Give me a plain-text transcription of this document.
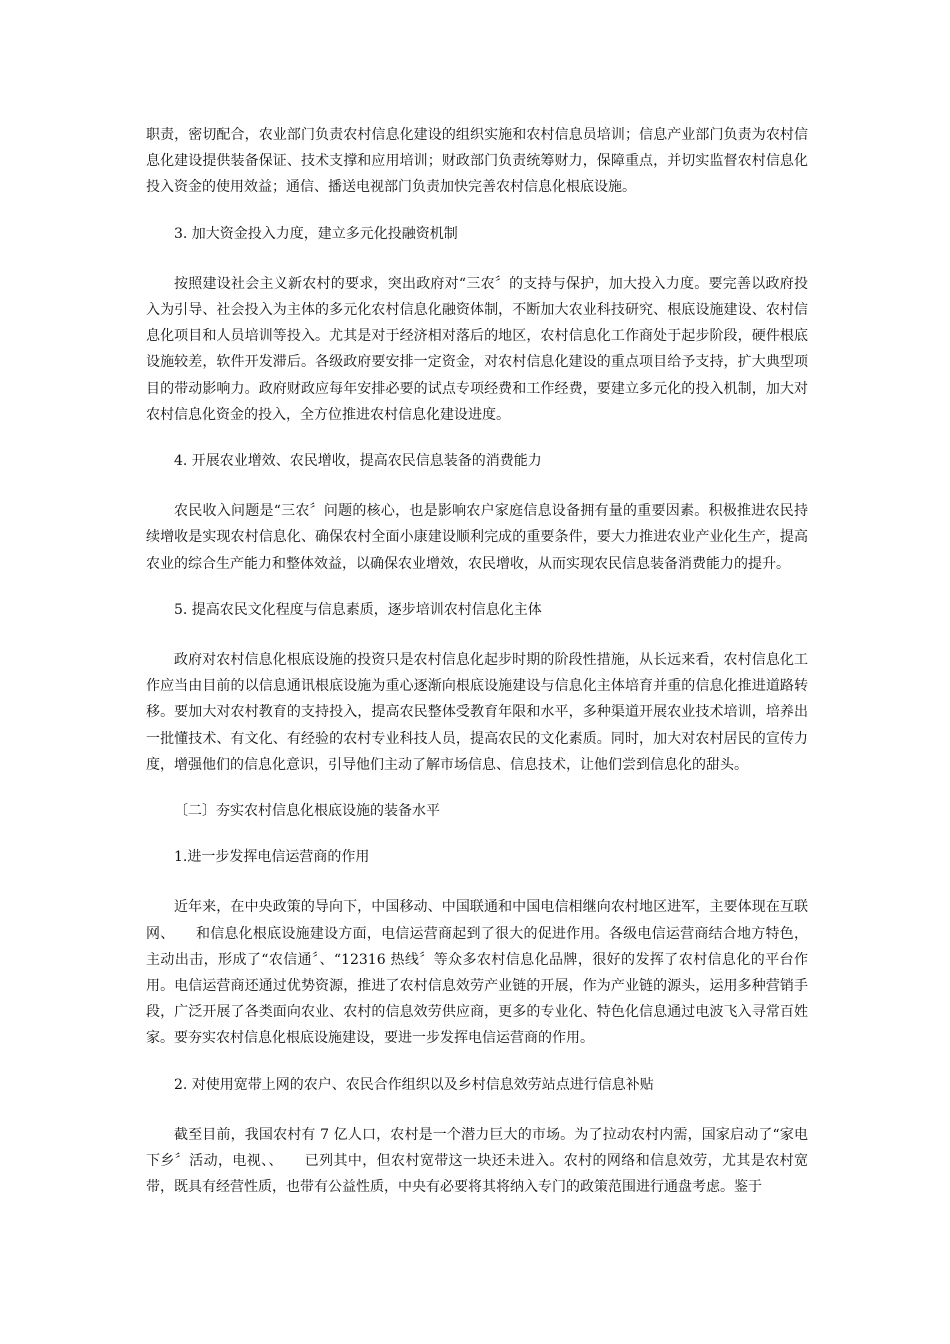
职责，密切配合，农业部门负责农村信息化建设的组织实施和农村信息员培训；信息产业部门负责为农村信息化建设提供装备保证、技术支撑和应用培训；财政部门负责统筹财力，保障重点，并切实监督农村信息化投入资金的使用效益；通信、播送电视部门负责加快完善农村信息化根底设施。

3. 加大资金投入力度，建立多元化投融资机制

按照建设社会主义新农村的要求，突出政府对“三农〞的支持与保护，加大投入力度。要完善以政府投入为引导、社会投入为主体的多元化农村信息化融资体制，不断加大农业科技研究、根底设施建设、农村信息化项目和人员培训等投入。尤其是对于经济相对落后的地区，农村信息化工作商处于起步阶段，硬件根底设施较差，软件开发滞后。各级政府要安排一定资金，对农村信息化建设的重点项目给予支持，扩大典型项目的带动影响力。政府财政应每年安排必要的试点专项经费和工作经费，要建立多元化的投入机制，加大对农村信息化资金的投入，全方位推进农村信息化建设进度。

4. 开展农业增效、农民增收，提高农民信息装备的消费能力

农民收入问题是“三农〞问题的核心，也是影响农户家庭信息设备拥有量的重要因素。积极推进农民持续增收是实现农村信息化、确保农村全面小康建设顺利完成的重要条件，要大力推进农业产业化生产，提高农业的综合生产能力和整体效益，以确保农业增效，农民增收，从而实现农民信息装备消费能力的提升。

5. 提高农民文化程度与信息素质，逐步培训农村信息化主体

政府对农村信息化根底设施的投资只是农村信息化起步时期的阶段性措施，从长远来看，农村信息化工作应当由目前的以信息通讯根底设施为重心逐渐向根底设施建设与信息化主体培育并重的信息化推进道路转移。要加大对农村教育的支持投入，提高农民整体受教育年限和水平，多种渠道开展农业技术培训，培养出一批懂技术、有文化、有经验的农村专业科技人员，提高农民的文化素质。同时，加大对农村居民的宣传力度，增强他们的信息化意识，引导他们主动了解市场信息、信息技术，让他们尝到信息化的甜头。

〔二〕夯实农村信息化根底设施的装备水平

1.进一步发挥电信运营商的作用

近年来，在中央政策的导向下，中国移动、中国联通和中国电信相继向农村地区进军，主要体现在互联网、　　和信息化根底设施建设方面，电信运营商起到了很大的促进作用。各级电信运营商结合地方特色，主动出击，形成了“农信通〞、“12316 热线〞等众多农村信息化品牌，很好的发挥了农村信息化的平台作用。电信运营商还通过优势资源，推进了农村信息效劳产业链的开展，作为产业链的源头，运用多种营销手段，广泛开展了各类面向农业、农村的信息效劳供应商，更多的专业化、特色化信息通过电波飞入寻常百姓家。要夯实农村信息化根底设施建设，要进一步发挥电信运营商的作用。

2. 对使用宽带上网的农户、农民合作组织以及乡村信息效劳站点进行信息补贴

截至目前，我国农村有 7 亿人口，农村是一个潜力巨大的市场。为了拉动农村内需，国家启动了“家电下乡〞活动，电视、、　　已列其中，但农村宽带这一块还未进入。农村的网络和信息效劳，尤其是农村宽带，既具有经营性质，也带有公益性质，中央有必要将其将纳入专门的政策范围进行通盘考虑。鉴于
